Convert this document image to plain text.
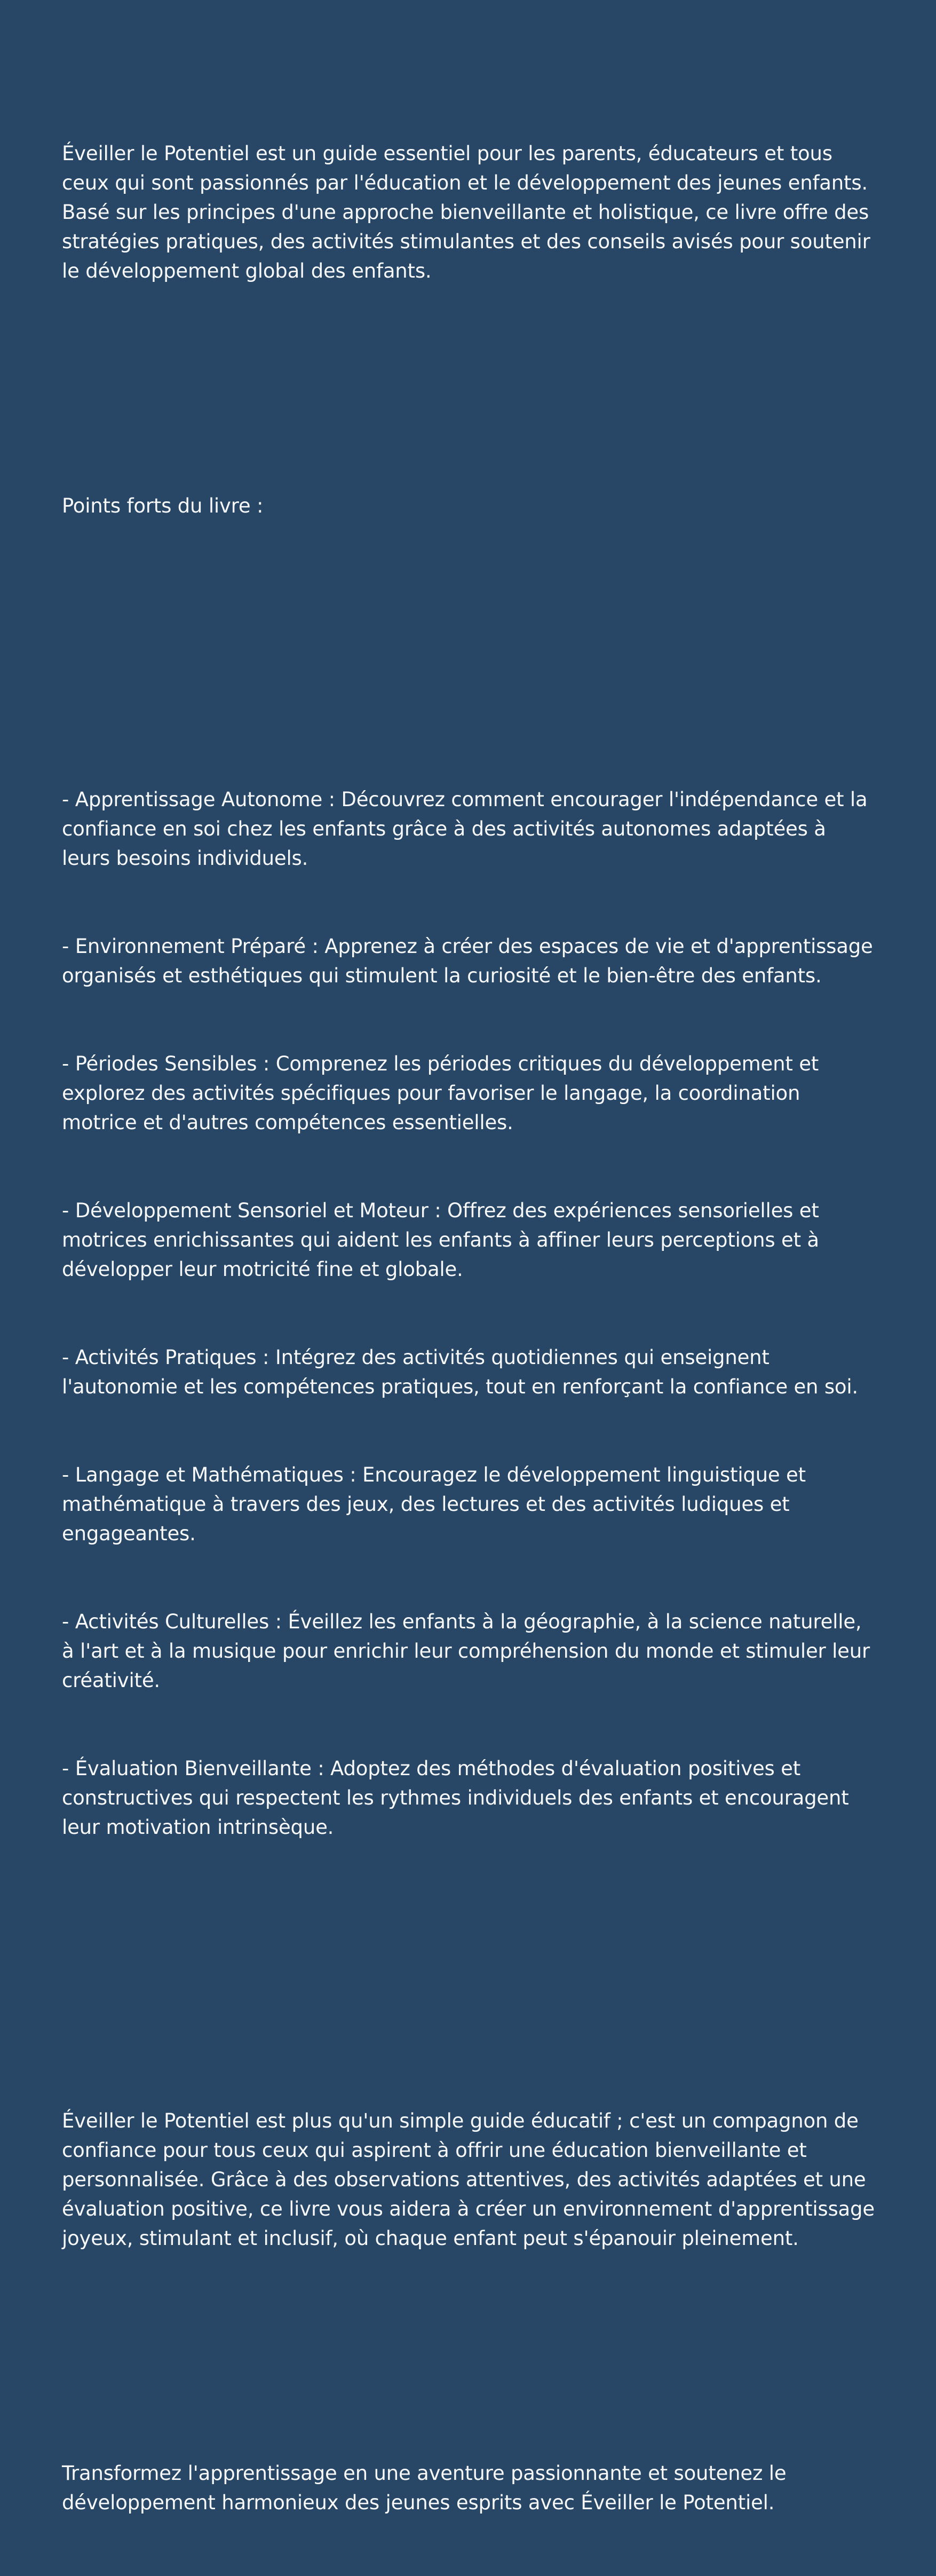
Éveiller le Potentiel est un guide essentiel pour les parents, éducateurs et tous ceux qui sont passionnés par l'éducation et le développement des jeunes enfants. Basé sur les principes d'une approche bienveillante et holistique, ce livre offre des stratégies pratiques, des activités stimulantes et des conseils avisés pour soutenir le développement global des enfants.

Points forts du livre :

- Apprentissage Autonome : Découvrez comment encourager l'indépendance et la confiance en soi chez les enfants grâce à des activités autonomes adaptées à leurs besoins individuels.

- Environnement Préparé : Apprenez à créer des espaces de vie et d'apprentissage organisés et esthétiques qui stimulent la curiosité et le bien-être des enfants.

- Périodes Sensibles : Comprenez les périodes critiques du développement et explorez des activités spécifiques pour favoriser le langage, la coordination motrice et d'autres compétences essentielles.

- Développement Sensoriel et Moteur : Offrez des expériences sensorielles et motrices enrichissantes qui aident les enfants à affiner leurs perceptions et à développer leur motricité fine et globale.

- Activités Pratiques : Intégrez des activités quotidiennes qui enseignent l'autonomie et les compétences pratiques, tout en renforçant la confiance en soi.

- Langage et Mathématiques : Encouragez le développement linguistique et mathématique à travers des jeux, des lectures et des activités ludiques et engageantes.

- Activités Culturelles : Éveillez les enfants à la géographie, à la science naturelle, à l'art et à la musique pour enrichir leur compréhension du monde et stimuler leur créativité.

- Évaluation Bienveillante : Adoptez des méthodes d'évaluation positives et constructives qui respectent les rythmes individuels des enfants et encouragent leur motivation intrinsèque.

Éveiller le Potentiel est plus qu'un simple guide éducatif ; c'est un compagnon de confiance pour tous ceux qui aspirent à offrir une éducation bienveillante et personnalisée. Grâce à des observations attentives, des activités adaptées et une évaluation positive, ce livre vous aidera à créer un environnement d'apprentissage joyeux, stimulant et inclusif, où chaque enfant peut s'épanouir pleinement.

Transformez l'apprentissage en une aventure passionnante et soutenez le développement harmonieux des jeunes esprits avec Éveiller le Potentiel.
